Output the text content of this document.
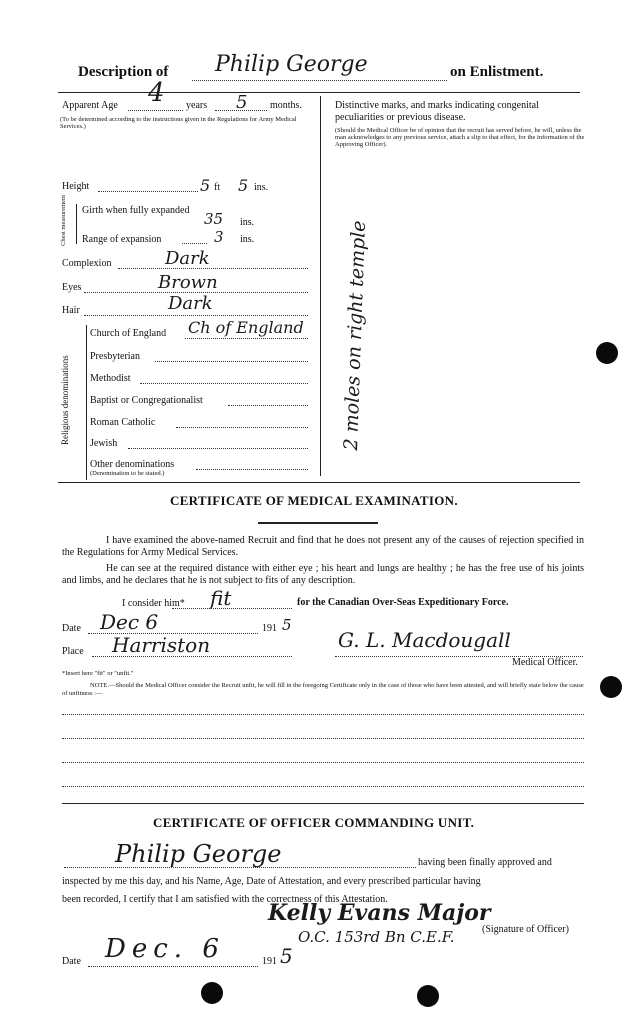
Description of Philip George	on Enlistment.
Apparent Age 4 years 5 months.
(To be determined according to the instructions given in the Regulations for Army Medical Services.)
Height	5 ft 5 ins.
Chest measurement Girth when fully expanded 35 ins.
Range of expansion	3 ins.
Complexion	Dark
Eyes	Brown
Hair	Dark
Religious denominations
Church of England Ch of England
Presbyterian
Methodist
Baptist or Congregationalist
Roman Catholic
Jewish
Other denominations
(Denomination to be stated.)
Distinctive marks, and marks indicating congenital peculiarities or previous disease.
(Should the Medical Officer be of opinion that the recruit has served before, he will, unless the man acknowledges to any previous service, attach a slip to that effect, for the information of the Approving Officer).
2 moles on right temple
CERTIFICATE OF MEDICAL EXAMINATION.
I have examined the above-named Recruit and find that he does not present any of the causes of rejection specified in the Regulations for Army Medical Services.
He can see at the required distance with either eye ; his heart and lungs are healthy ; he has the free use of his joints and limbs, and he declares that he is not subject to fits of any description.
I consider him* fit	for the Canadian Over-Seas Expeditionary Force.
Date Dec 6	191 5
Place Harriston	G. L. Macdougall
Medical Officer.
*Insert here "fit" or "unfit."
NOTE.—Should the Medical Officer consider the Recruit unfit, he will fill in the foregoing Certificate only in the case of those who have been attested, and will briefly state below the cause of unfitness :—
CERTIFICATE OF OFFICER COMMANDING UNIT.
Philip George	having been finally approved and
inspected by me this day, and his Name, Age, Date of Attestation, and every prescribed particular having
been recorded, I certify that I am satisfied with the correctness of this Attestation.
Kelly Evans Major
O.C. 153rd Bn C.E.F.	(Signature of Officer)
Date Dec. 6	191 5
